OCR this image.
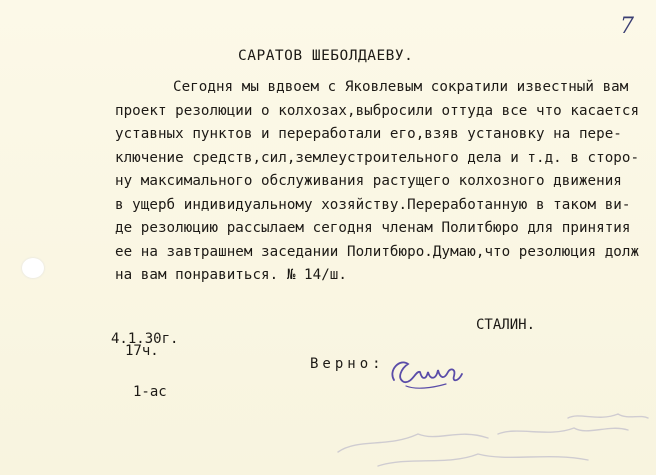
7
САРАТОВ ШЕБОЛДАЕВУ.
Сегодня мы вдвоем с Яковлевым сократили известный вам
проект резолюции о колхозах,выбросили оттуда все что касается
уставных пунктов и переработали его,взяв установку на пере-
ключение средств,сил,землеустроительного дела и т.д. в сторо-
ну максимального обслуживания растущего колхозного движения
в ущерб индивидуальному хозяйству.Переработанную в таком ви-
де резолюцию рассылаем сегодня членам Политбюро для принятия
ее на завтрашнем заседании Политбюро.Думаю,что резолюция долж
на вам понравиться. № 14/ш.
СТАЛИН.
4.1.30г.
17ч.
Верно:
1-ас
